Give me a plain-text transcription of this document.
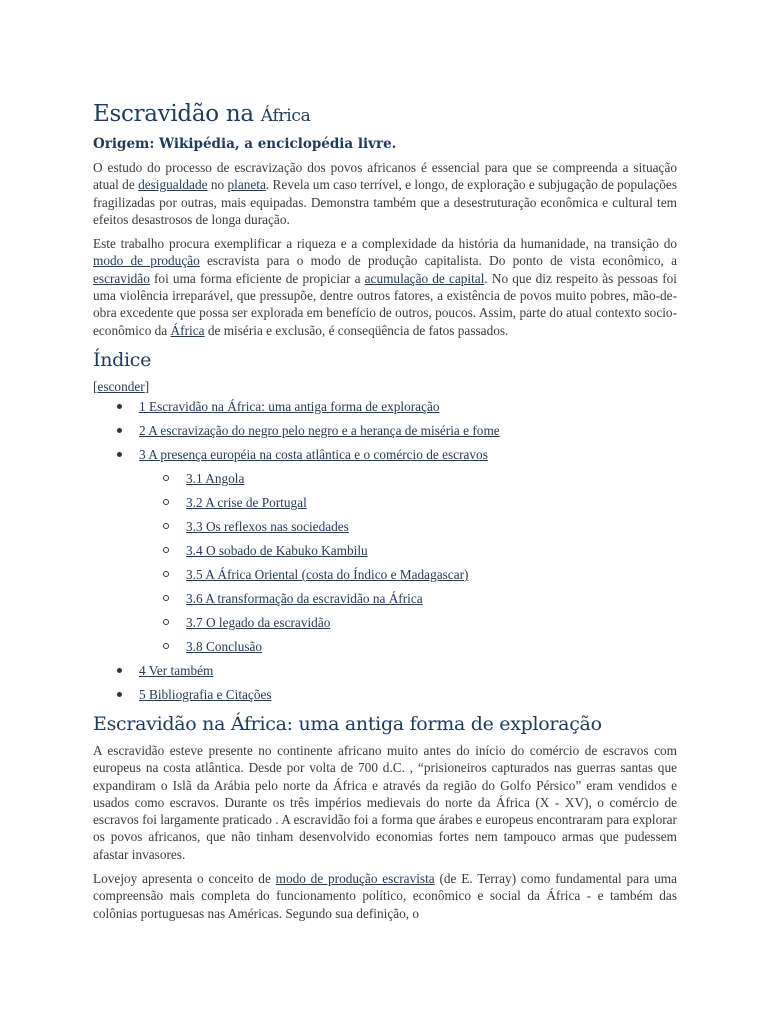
Escravidão na África
Origem: Wikipédia, a enciclopédia livre.

O estudo do processo de escravização dos povos africanos é essencial para que se compreenda a situação atual de desigualdade no planeta. Revela um caso terrível, e longo, de exploração e subjugação de populações fragilizadas por outras, mais equipadas. Demonstra também que a desestruturação econômica e cultural tem efeitos desastrosos de longa duração.

Este trabalho procura exemplificar a riqueza e a complexidade da história da humanidade, na transição do modo de produção escravista para o modo de produção capitalista. Do ponto de vista econômico, a escravidão foi uma forma eficiente de propiciar a acumulação de capital. No que diz respeito às pessoas foi uma violência irreparável, que pressupõe, dentre outros fatores, a existência de povos muito pobres, mão-de-obra excedente que possa ser explorada em benefício de outros, poucos. Assim, parte do atual contexto socio-econômico da África de miséria e exclusão, é conseqüência de fatos passados.

Índice
[esconder]
1 Escravidão na África: uma antiga forma de exploração
2 A escravização do negro pelo negro e a herança de miséria e fome
3 A presença européia na costa atlântica e o comércio de escravos
3.1 Angola
3.2 A crise de Portugal
3.3 Os reflexos nas sociedades
3.4 O sobado de Kabuko Kambilu
3.5 A África Oriental (costa do Índico e Madagascar)
3.6 A transformação da escravidão na África
3.7 O legado da escravidão
3.8 Conclusão
4 Ver também
5 Bibliografia e Citações
Escravidão na África: uma antiga forma de exploração

A escravidão esteve presente no continente africano muito antes do início do comércio de escravos com europeus na costa atlântica. Desde por volta de 700 d.C. , “prisioneiros capturados nas guerras santas que expandiram o Islã da Arábia pelo norte da África e através da região do Golfo Pérsico” eram vendidos e usados como escravos. Durante os três impérios medievais do norte da África (X - XV), o comércio de escravos foi largamente praticado . A escravidão foi a forma que árabes e europeus encontraram para explorar os povos africanos, que não tinham desenvolvido economias fortes nem tampouco armas que pudessem afastar invasores.

Lovejoy apresenta o conceito de modo de produção escravista (de E. Terray) como fundamental para uma compreensão mais completa do funcionamento político, econômico e social da África - e também das colônias portuguesas nas Américas. Segundo sua definição, o
